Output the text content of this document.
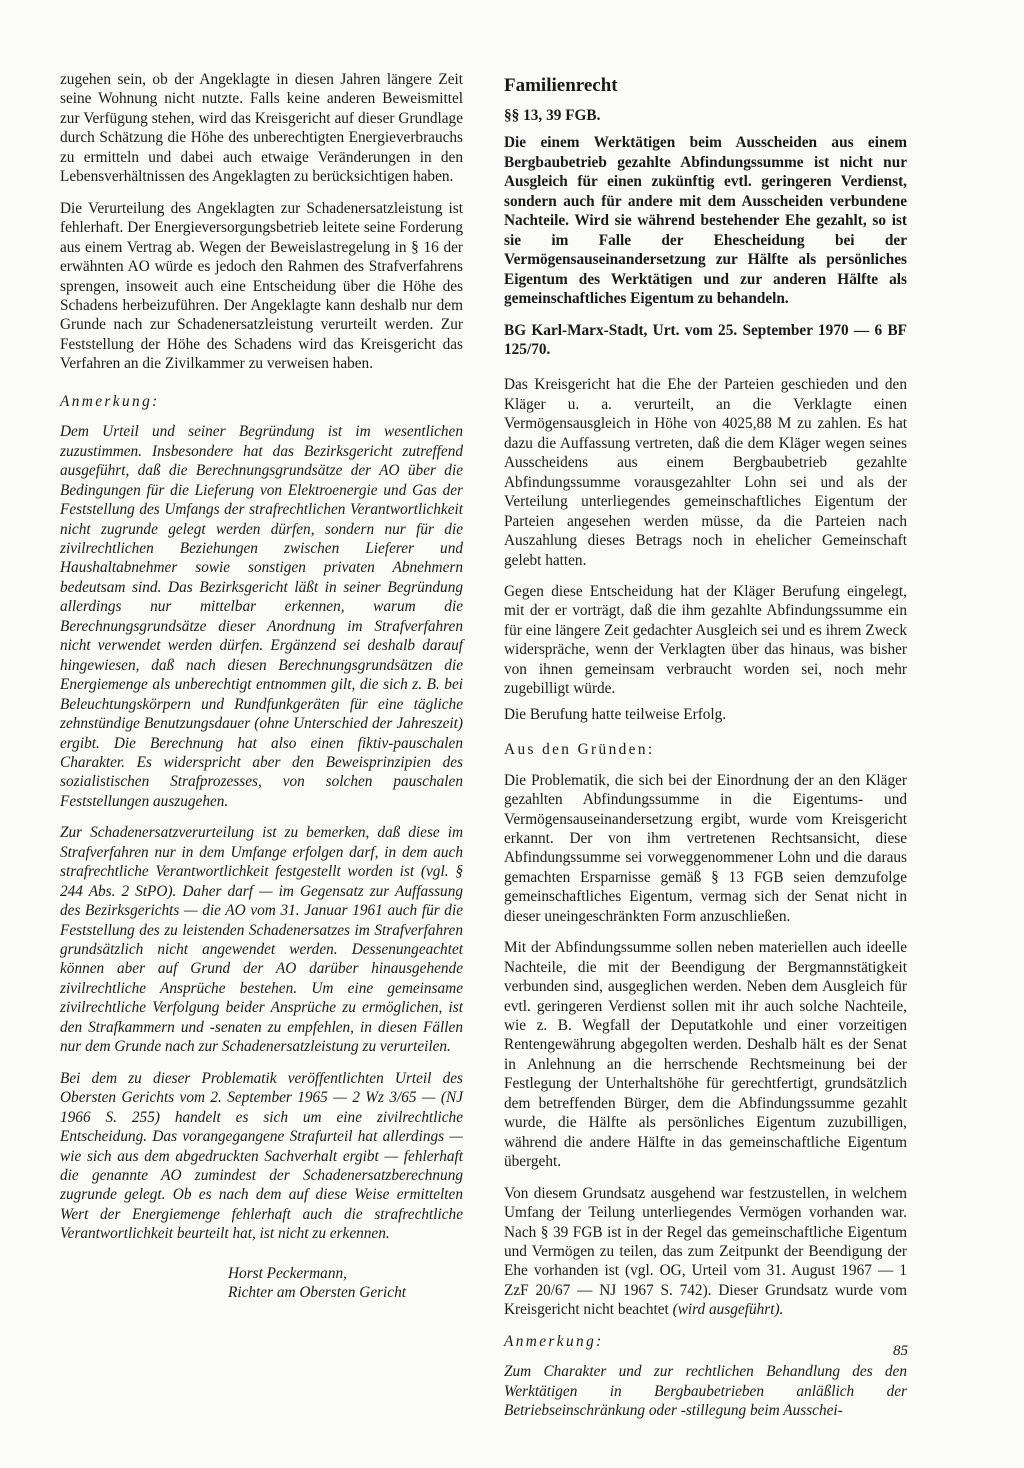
zugehen sein, ob der Angeklagte in diesen Jahren längere Zeit seine Wohnung nicht nutzte. Falls keine anderen Beweismittel zur Verfügung stehen, wird das Kreisgericht auf dieser Grundlage durch Schätzung die Höhe des unberechtigten Energieverbrauchs zu ermitteln und dabei auch etwaige Veränderungen in den Lebensverhältnissen des Angeklagten zu berücksichtigen haben.

Die Verurteilung des Angeklagten zur Schadenersatzleistung ist fehlerhaft. Der Energieversorgungsbetrieb leitete seine Forderung aus einem Vertrag ab. Wegen der Beweislastregelung in § 16 der erwähnten AO würde es jedoch den Rahmen des Strafverfahrens sprengen, insoweit auch eine Entscheidung über die Höhe des Schadens herbeizuführen. Der Angeklagte kann deshalb nur dem Grunde nach zur Schadenersatzleistung verurteilt werden. Zur Feststellung der Höhe des Schadens wird das Kreisgericht das Verfahren an die Zivilkammer zu verweisen haben.

Anmerkung:

Dem Urteil und seiner Begründung ist im wesentlichen zuzustimmen. Insbesondere hat das Bezirksgericht zutreffend ausgeführt, daß die Berechnungsgrundsätze der AO über die Bedingungen für die Lieferung von Elektroenergie und Gas der Feststellung des Umfangs der strafrechtlichen Verantwortlichkeit nicht zugrunde gelegt werden dürfen, sondern nur für die zivilrechtlichen Beziehungen zwischen Lieferer und Haushaltabnehmer sowie sonstigen privaten Abnehmern bedeutsam sind. Das Bezirksgericht läßt in seiner Begründung allerdings nur mittelbar erkennen, warum die Berechnungsgrundsätze dieser Anordnung im Strafverfahren nicht verwendet werden dürfen. Ergänzend sei deshalb darauf hingewiesen, daß nach diesen Berechnungsgrundsätzen die Energiemenge als unberechtigt entnommen gilt, die sich z. B. bei Beleuchtungskörpern und Rundfunkgeräten für eine tägliche zehnstündige Benutzungsdauer (ohne Unterschied der Jahreszeit) ergibt. Die Berechnung hat also einen fiktiv-pauschalen Charakter. Es widerspricht aber den Beweisprinzipien des sozialistischen Strafprozesses, von solchen pauschalen Feststellungen auszugehen.

Zur Schadenersatzverurteilung ist zu bemerken, daß diese im Strafverfahren nur in dem Umfange erfolgen darf, in dem auch strafrechtliche Verantwortlichkeit festgestellt worden ist (vgl. § 244 Abs. 2 StPO). Daher darf — im Gegensatz zur Auffassung des Bezirksgerichts — die AO vom 31. Januar 1961 auch für die Feststellung des zu leistenden Schadenersatzes im Strafverfahren grundsätzlich nicht angewendet werden. Dessenungeachtet können aber auf Grund der AO darüber hinausgehende zivilrechtliche Ansprüche bestehen. Um eine gemeinsame zivilrechtliche Verfolgung beider Ansprüche zu ermöglichen, ist den Strafkammern und -senaten zu empfehlen, in diesen Fällen nur dem Grunde nach zur Schadenersatzleistung zu verurteilen.

Bei dem zu dieser Problematik veröffentlichten Urteil des Obersten Gerichts vom 2. September 1965 — 2 Wz 3/65 — (NJ 1966 S. 255) handelt es sich um eine zivilrechtliche Entscheidung. Das vorangegangene Strafurteil hat allerdings — wie sich aus dem abgedruckten Sachverhalt ergibt — fehlerhaft die genannte AO zumindest der Schadenersatzberechnung zugrunde gelegt. Ob es nach dem auf diese Weise ermittelten Wert der Energiemenge fehlerhaft auch die strafrechtliche Verantwortlichkeit beurteilt hat, ist nicht zu erkennen.

Horst Peckermann,
Richter am Obersten Gericht
Familienrecht

§§ 13, 39 FGB.

Die einem Werktätigen beim Ausscheiden aus einem Bergbaubetrieb gezahlte Abfindungssumme ist nicht nur Ausgleich für einen zukünftig evtl. geringeren Verdienst, sondern auch für andere mit dem Ausscheiden verbundene Nachteile. Wird sie während bestehender Ehe gezahlt, so ist sie im Falle der Ehescheidung bei der Vermögensauseinandersetzung zur Hälfte als persönliches Eigentum des Werktätigen und zur anderen Hälfte als gemeinschaftliches Eigentum zu behandeln.

BG Karl-Marx-Stadt, Urt. vom 25. September 1970 — 6 BF 125/70.

Das Kreisgericht hat die Ehe der Parteien geschieden und den Kläger u. a. verurteilt, an die Verklagte einen Vermögensausgleich in Höhe von 4025,88 M zu zahlen. Es hat dazu die Auffassung vertreten, daß die dem Kläger wegen seines Ausscheidens aus einem Bergbaubetrieb gezahlte Abfindungssumme vorausgezahlter Lohn sei und als der Verteilung unterliegendes gemeinschaftliches Eigentum der Parteien angesehen werden müsse, da die Parteien nach Auszahlung dieses Betrags noch in ehelicher Gemeinschaft gelebt hatten.

Gegen diese Entscheidung hat der Kläger Berufung eingelegt, mit der er vorträgt, daß die ihm gezahlte Abfindungssumme ein für eine längere Zeit gedachter Ausgleich sei und es ihrem Zweck widerspräche, wenn der Verklagten über das hinaus, was bisher von ihnen gemeinsam verbraucht worden sei, noch mehr zugebilligt würde.

Die Berufung hatte teilweise Erfolg.

Aus den Gründen:

Die Problematik, die sich bei der Einordnung der an den Kläger gezahlten Abfindungssumme in die Eigentums- und Vermögensauseinandersetzung ergibt, wurde vom Kreisgericht erkannt. Der von ihm vertretenen Rechtsansicht, diese Abfindungssumme sei vorweggenommener Lohn und die daraus gemachten Ersparnisse gemäß § 13 FGB seien demzufolge gemeinschaftliches Eigentum, vermag sich der Senat nicht in dieser uneingeschränkten Form anzuschließen.

Mit der Abfindungssumme sollen neben materiellen auch ideelle Nachteile, die mit der Beendigung der Bergmannstätigkeit verbunden sind, ausgeglichen werden. Neben dem Ausgleich für evtl. geringeren Verdienst sollen mit ihr auch solche Nachteile, wie z. B. Wegfall der Deputatkohle und einer vorzeitigen Rentengewährung abgegolten werden. Deshalb hält es der Senat in Anlehnung an die herrschende Rechtsmeinung bei der Festlegung der Unterhaltshöhe für gerechtfertigt, grundsätzlich dem betreffenden Bürger, dem die Abfindungssumme gezahlt wurde, die Hälfte als persönliches Eigentum zuzubilligen, während die andere Hälfte in das gemeinschaftliche Eigentum übergeht.

Von diesem Grundsatz ausgehend war festzustellen, in welchem Umfang der Teilung unterliegendes Vermögen vorhanden war. Nach § 39 FGB ist in der Regel das gemeinschaftliche Eigentum und Vermögen zu teilen, das zum Zeitpunkt der Beendigung der Ehe vorhanden ist (vgl. OG, Urteil vom 31. August 1967 — 1 ZzF 20/67 — NJ 1967 S. 742). Dieser Grundsatz wurde vom Kreisgericht nicht beachtet (wird ausgeführt).

Anmerkung:

Zum Charakter und zur rechtlichen Behandlung des den Werktätigen in Bergbaubetrieben anläßlich der Betriebseinschränkung oder -stillegung beim Ausschei-

85
